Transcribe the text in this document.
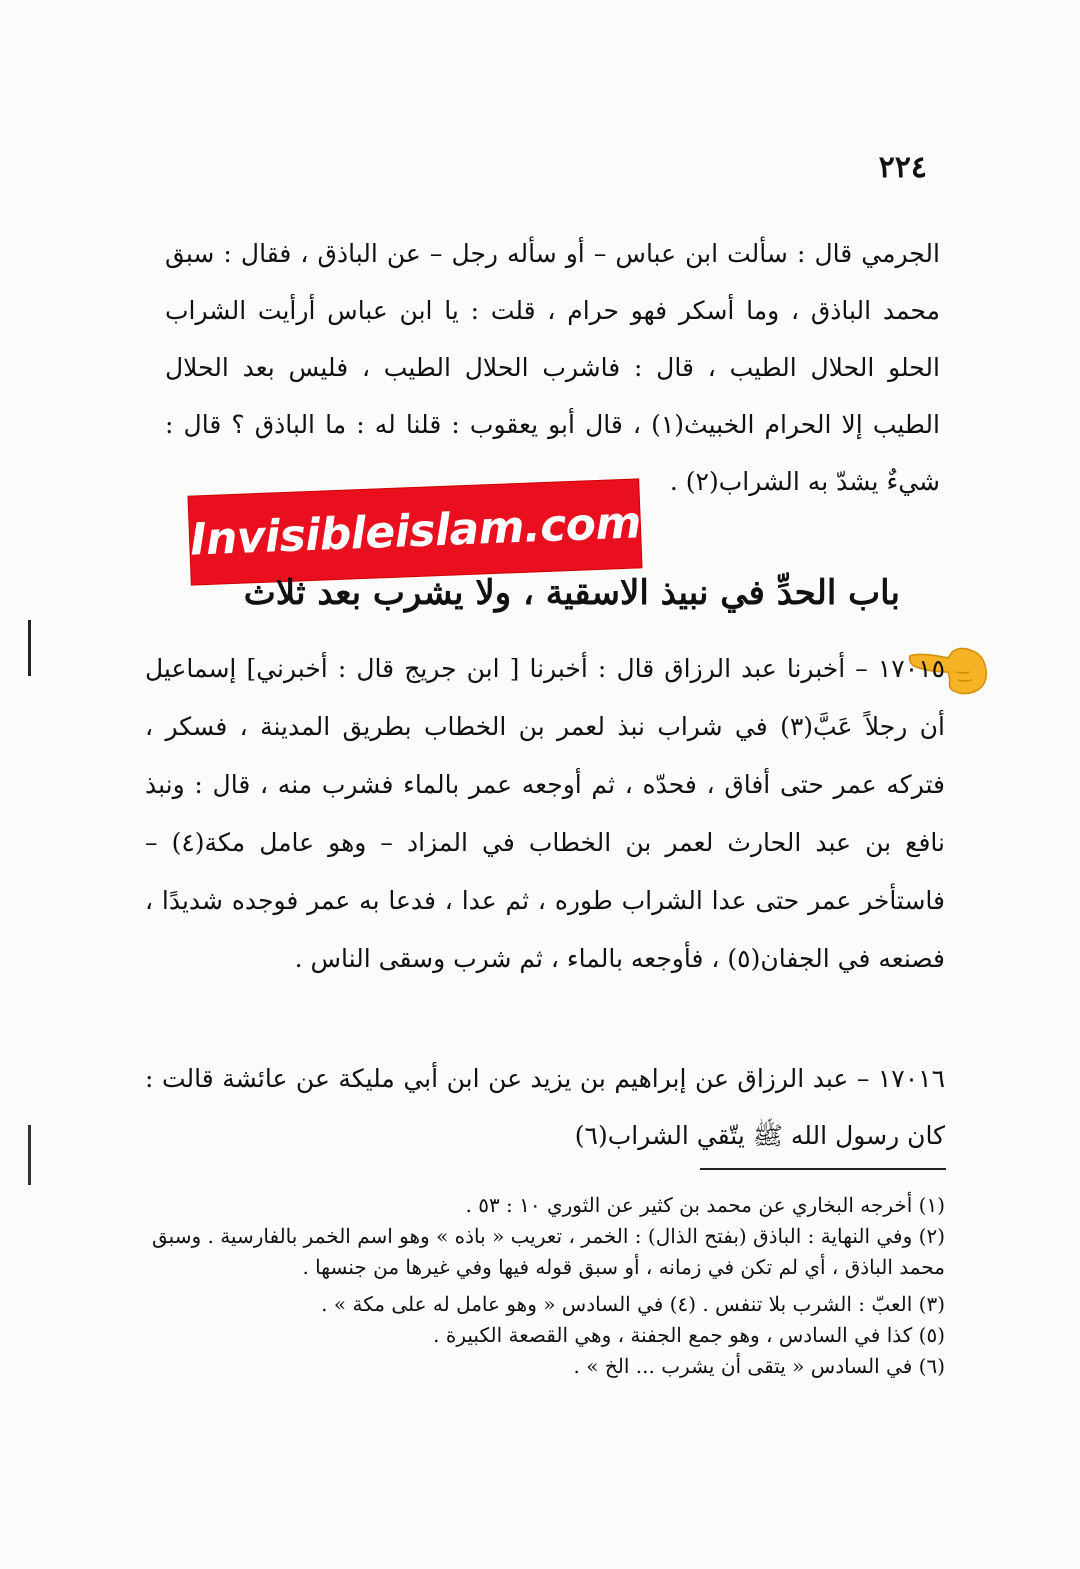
٢٢٤
الجرمي قال : سألت ابن عباس – أو سأله رجل – عن الباذق ، فقال : سبق محمد الباذق ، وما أسكر فهو حرام ، قلت : يا ابن عباس أرأيت الشراب الحلو الحلال الطيب ، قال : فاشرب الحلال الطيب ، فليس بعد الحلال الطيب إلا الحرام الخبيث(١) ، قال أبو يعقوب : قلنا له : ما الباذق ؟ قال : شيءٌ يشدّ به الشراب(٢) .
Invisibleislam.com
باب الحدِّ في نبيذ الاسقية ، ولا يشرب بعد ثلاث
١٧٠١٥ – أخبرنا عبد الرزاق قال : أخبرنا [ ابن جريج قال : أخبرني] إسماعيل أن رجلاً عَبَّ(٣) في شراب نبذ لعمر بن الخطاب بطريق المدينة ، فسكر ، فتركه عمر حتى أفاق ، فحدّه ، ثم أوجعه عمر بالماء فشرب منه ، قال : ونبذ نافع بن عبد الحارث لعمر بن الخطاب في المزاد – وهو عامل مكة(٤) – فاستأخر عمر حتى عدا الشراب طوره ، ثم عدا ، فدعا به عمر فوجده شديدًا ، فصنعه في الجفان(٥) ، فأوجعه بالماء ، ثم شرب وسقى الناس .
١٧٠١٦ – عبد الرزاق عن إبراهيم بن يزيد عن ابن أبي مليكة عن عائشة قالت : كان رسول الله ﷺ يتّقي الشراب(٦)

(١) أخرجه البخاري عن محمد بن كثير عن الثوري ١٠ : ٥٣ .

(٢) وفي النهاية : الباذق (بفتح الذال) : الخمر ، تعريب « باذه » وهو اسم الخمر بالفارسية . وسبق محمد الباذق ، أي لم تكن في زمانه ، أو سبق قوله فيها وفي غيرها من جنسها .

(٣) العبّ : الشرب بلا تنفس . (٤) في السادس « وهو عامل له على مكة » .

(٥) كذا في السادس ، وهو جمع الجفنة ، وهي القصعة الكبيرة .

(٦) في السادس « يتقى أن يشرب ... الخ » .
